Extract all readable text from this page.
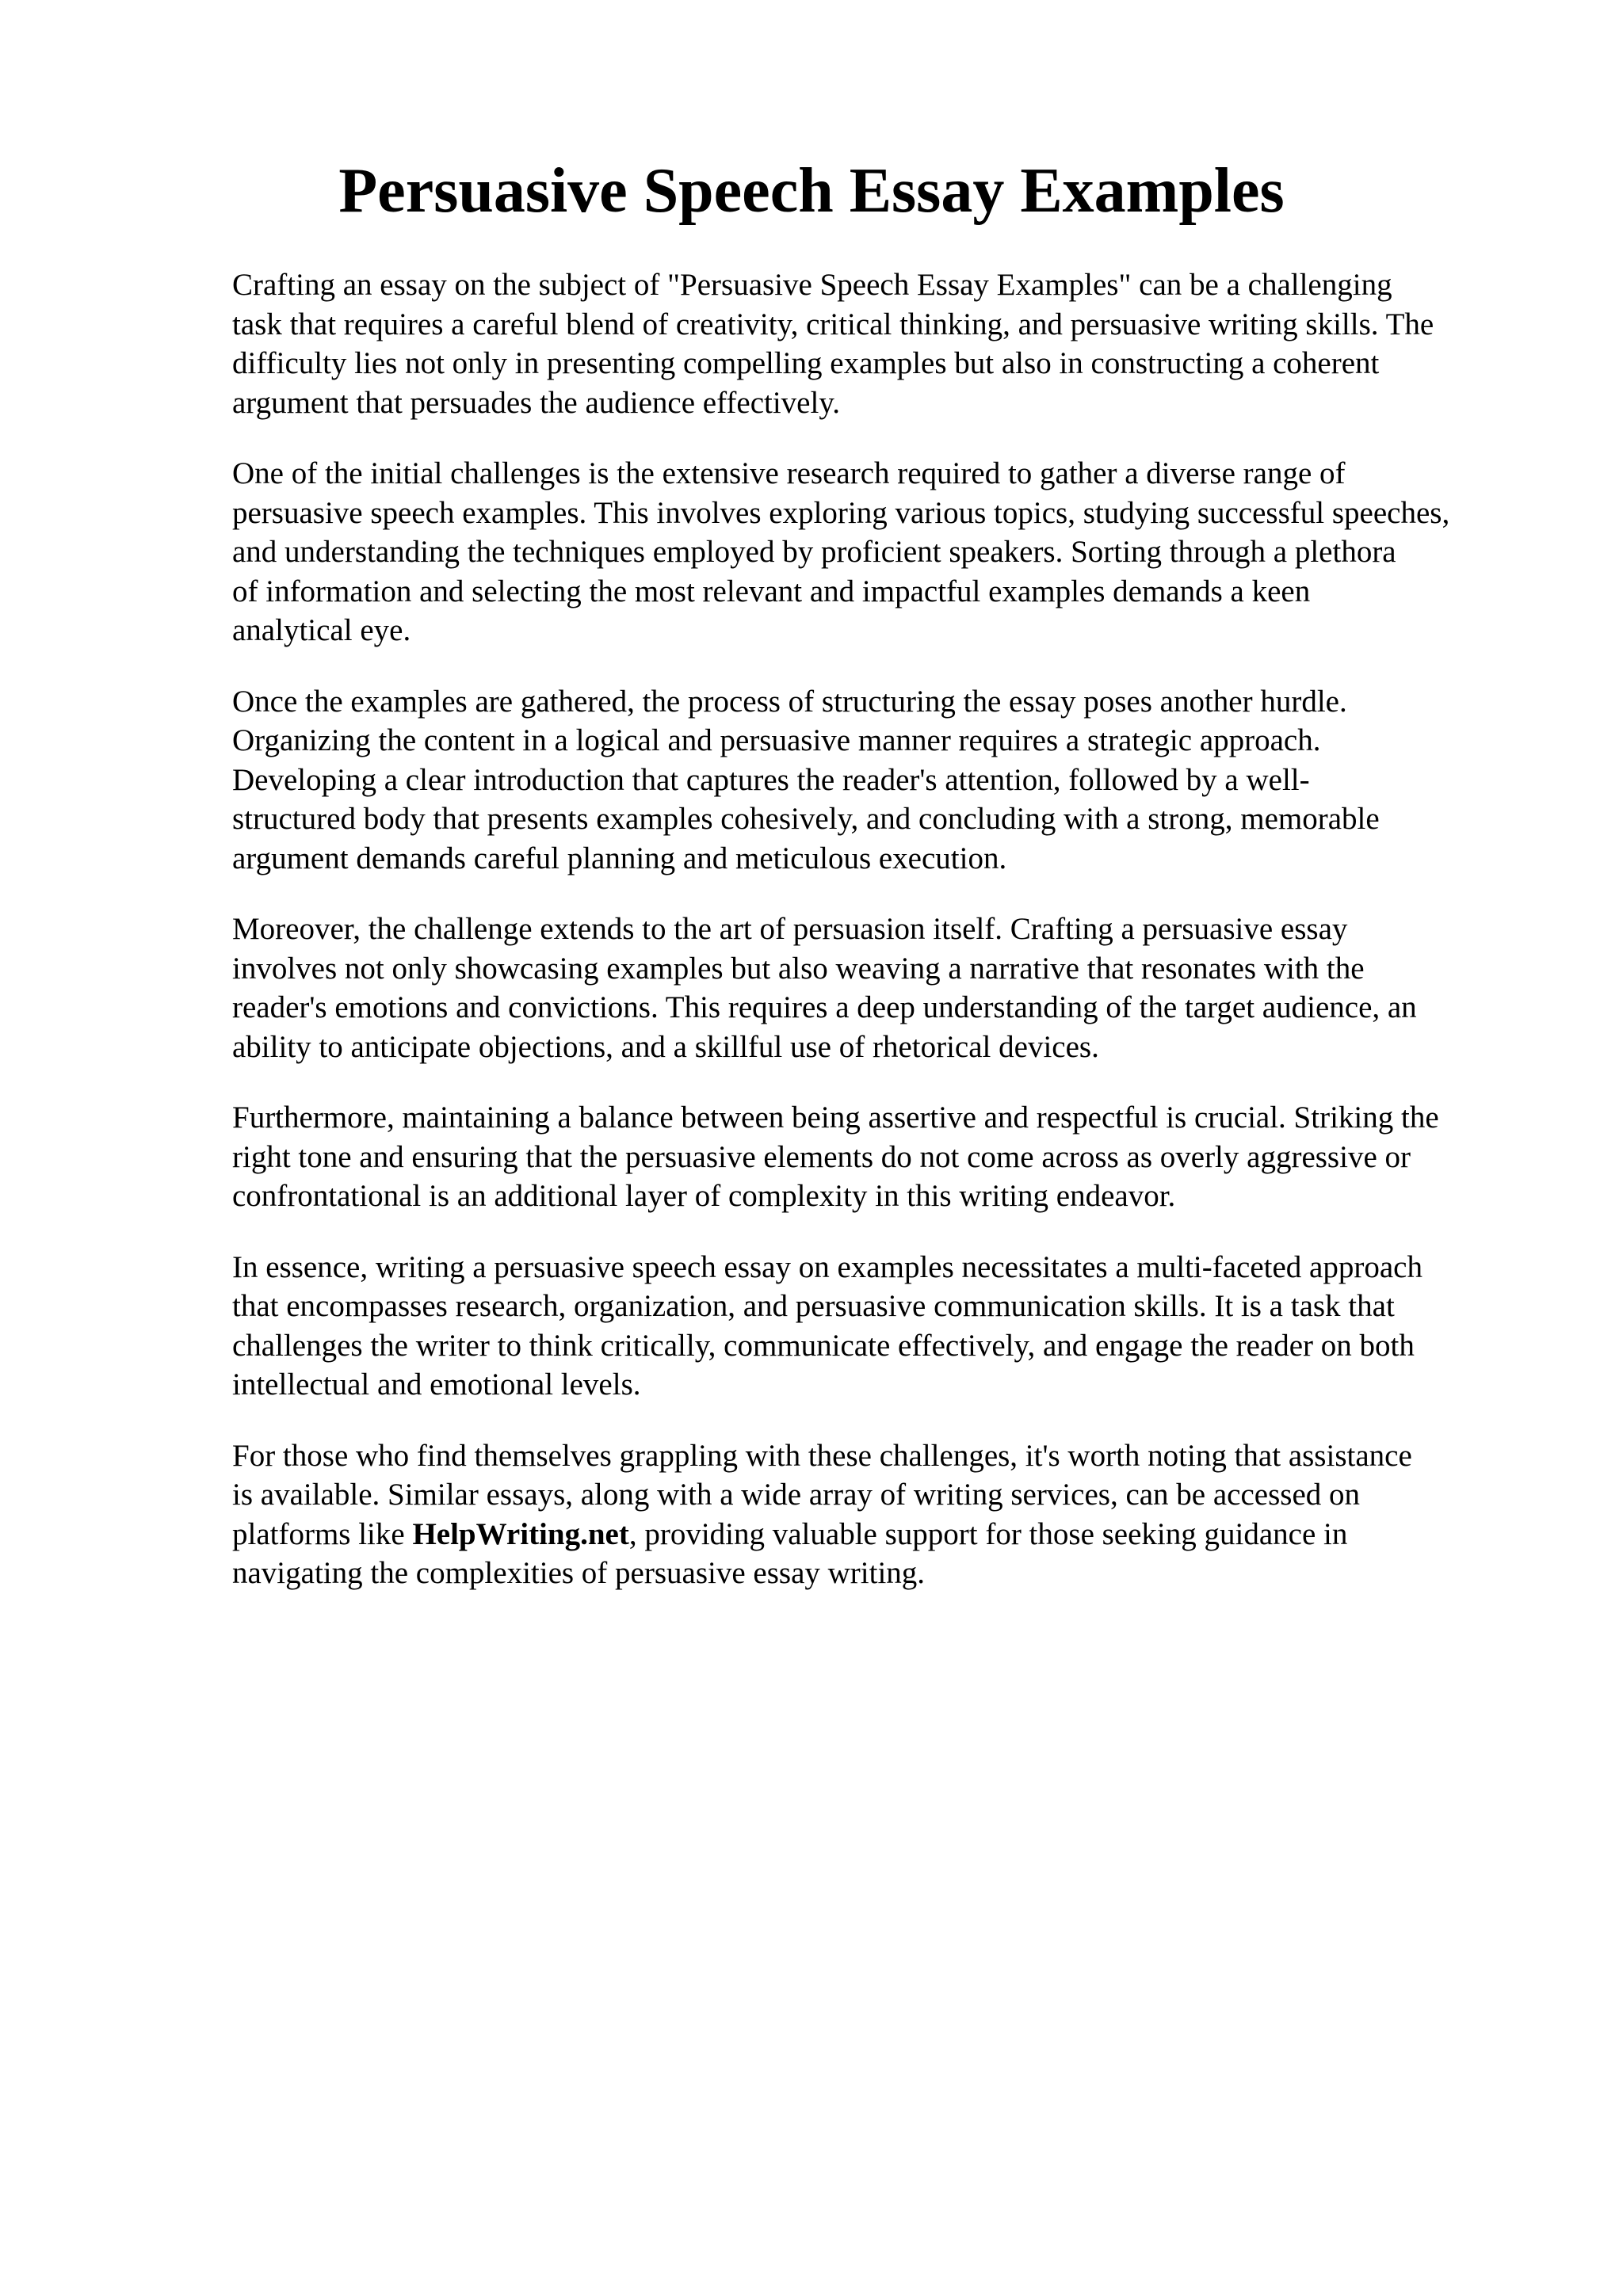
Persuasive Speech Essay Examples

Crafting an essay on the subject of "Persuasive Speech Essay Examples" can be a challenging
task that requires a careful blend of creativity, critical thinking, and persuasive writing skills. The
difficulty lies not only in presenting compelling examples but also in constructing a coherent
argument that persuades the audience effectively.

One of the initial challenges is the extensive research required to gather a diverse range of
persuasive speech examples. This involves exploring various topics, studying successful speeches,
and understanding the techniques employed by proficient speakers. Sorting through a plethora
of information and selecting the most relevant and impactful examples demands a keen
analytical eye.

Once the examples are gathered, the process of structuring the essay poses another hurdle.
Organizing the content in a logical and persuasive manner requires a strategic approach.
Developing a clear introduction that captures the reader's attention, followed by a well-
structured body that presents examples cohesively, and concluding with a strong, memorable
argument demands careful planning and meticulous execution.

Moreover, the challenge extends to the art of persuasion itself. Crafting a persuasive essay
involves not only showcasing examples but also weaving a narrative that resonates with the
reader's emotions and convictions. This requires a deep understanding of the target audience, an
ability to anticipate objections, and a skillful use of rhetorical devices.

Furthermore, maintaining a balance between being assertive and respectful is crucial. Striking the
right tone and ensuring that the persuasive elements do not come across as overly aggressive or
confrontational is an additional layer of complexity in this writing endeavor.

In essence, writing a persuasive speech essay on examples necessitates a multi-faceted approach
that encompasses research, organization, and persuasive communication skills. It is a task that
challenges the writer to think critically, communicate effectively, and engage the reader on both
intellectual and emotional levels.

For those who find themselves grappling with these challenges, it's worth noting that assistance
is available. Similar essays, along with a wide array of writing services, can be accessed on
platforms like HelpWriting.net, providing valuable support for those seeking guidance in
navigating the complexities of persuasive essay writing.
